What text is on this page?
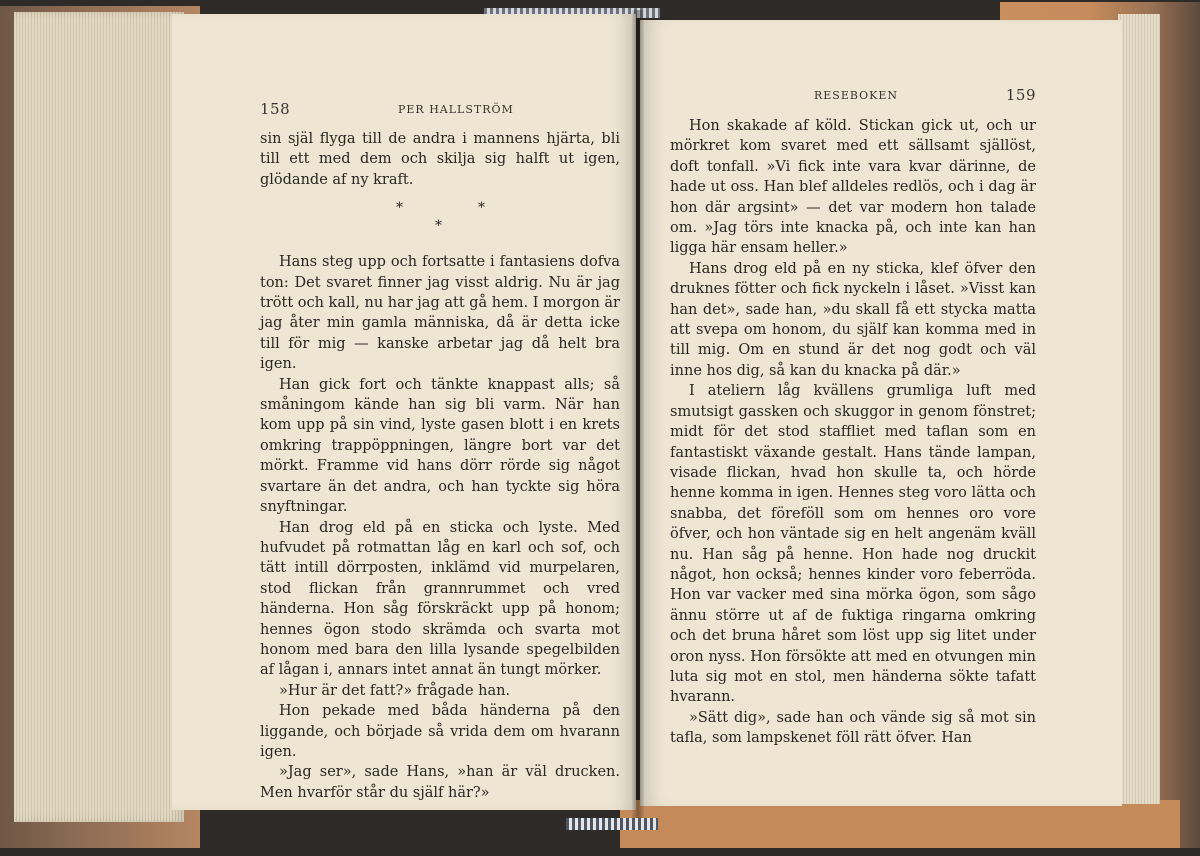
158	PER HALLSTRÖM

sin själ flyga till de andra i mannens hjärta, bli till ett med dem och skilja sig halft ut igen, glödande af ny kraft.

*	*
*

Hans steg upp och fortsatte i fantasiens dofva ton: Det svaret finner jag visst aldrig. Nu är jag trött och kall, nu har jag att gå hem. I morgon är jag åter min gamla människa, då är detta icke till för mig — kanske arbetar jag då helt bra igen.

Han gick fort och tänkte knappast alls; så småningom kände han sig bli varm. När han kom upp på sin vind, lyste gasen blott i en krets omkring trappöppningen, längre bort var det mörkt. Framme vid hans dörr rörde sig något svartare än det andra, och han tyckte sig höra snyftningar.

Han drog eld på en sticka och lyste. Med hufvudet på rotmattan låg en karl och sof, och tätt intill dörrposten, inklämd vid murpelaren, stod flickan från grannrummet och vred händerna. Hon såg förskräckt upp på honom; hennes ögon stodo skrämda och svarta mot honom med bara den lilla lysande spegelbilden af lågan i, annars intet annat än tungt mörker.

»Hur är det fatt?» frågade han.

Hon pekade med båda händerna på den liggande, och började så vrida dem om hvarann igen.

»Jag ser», sade Hans, »han är väl drucken. Men hvarför står du själf här?»

RESEBOKEN	159

Hon skakade af köld. Stickan gick ut, och ur mörkret kom svaret med ett sällsamt själlöst, doft tonfall. »Vi fick inte vara kvar därinne, de hade ut oss. Han blef alldeles redlös, och i dag är hon där argsint» — det var modern hon talade om. »Jag törs inte knacka på, och inte kan han ligga här ensam heller.»

Hans drog eld på en ny sticka, klef öfver den druknes fötter och fick nyckeln i låset. »Visst kan han det», sade han, »du skall få ett stycka matta att svepa om honom, du själf kan komma med in till mig. Om en stund är det nog godt och väl inne hos dig, så kan du knacka på där.»

I ateliern låg kvällens grumliga luft med smutsigt gassken och skuggor in genom fönstret; midt för det stod staffliet med taflan som en fantastiskt växande gestalt. Hans tände lampan, visade flickan, hvad hon skulle ta, och hörde henne komma in igen. Hennes steg voro lätta och snabba, det föreföll som om hennes oro vore öfver, och hon väntade sig en helt angenäm kväll nu. Han såg på henne. Hon hade nog druckit något, hon också; hennes kinder voro feberröda. Hon var vacker med sina mörka ögon, som sågo ännu större ut af de fuktiga ringarna omkring och det bruna håret som löst upp sig litet under oron nyss. Hon försökte att med en otvungen min luta sig mot en stol, men händerna sökte tafatt hvarann.

»Sätt dig», sade han och vände sig så mot sin tafla, som lampskenet föll rätt öfver. Han
